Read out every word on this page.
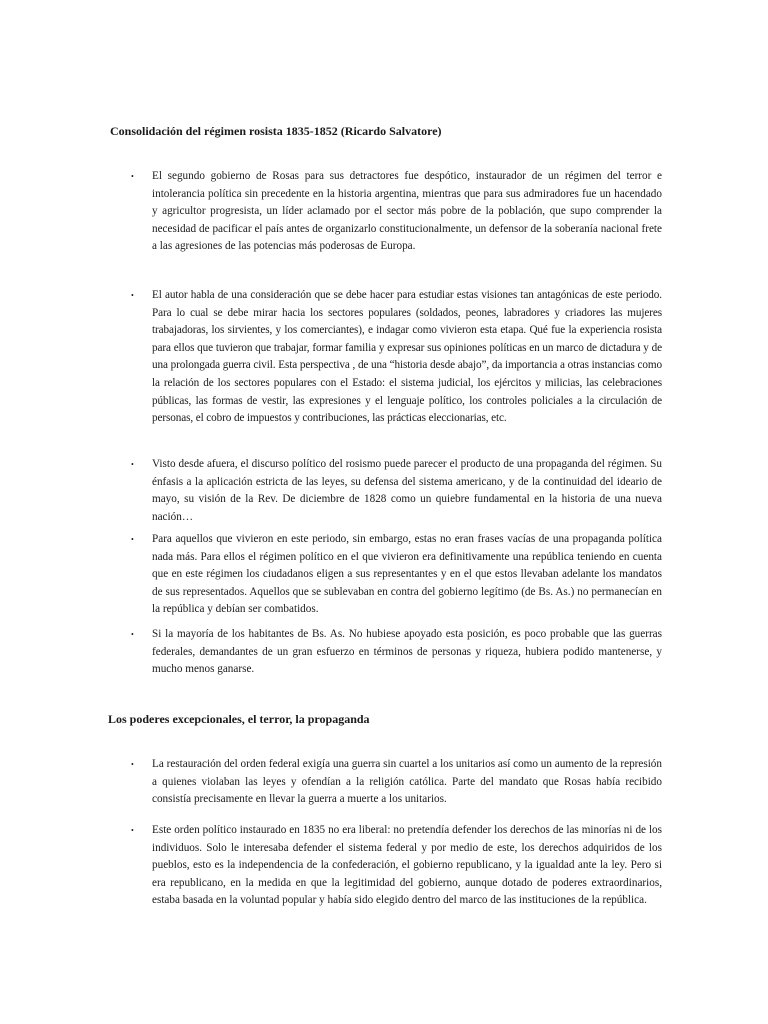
Consolidación del régimen rosista 1835-1852 (Ricardo Salvatore)
• El segundo gobierno de Rosas para sus detractores fue despótico, instaurador de un régimen del terror e intolerancia política sin precedente en la historia argentina, mientras que para sus admiradores fue un hacendado y agricultor progresista, un líder aclamado por el sector más pobre de la población, que supo comprender la necesidad de pacificar el país antes de organizarlo constitucionalmente, un defensor de la soberanía nacional frete a las agresiones de las potencias más poderosas de Europa.

• El autor habla de una consideración que se debe hacer para estudiar estas visiones tan antagónicas de este periodo. Para lo cual se debe mirar hacia los sectores populares (soldados, peones, labradores y criadores las mujeres trabajadoras, los sirvientes, y los comerciantes), e indagar como vivieron esta etapa. Qué fue la experiencia rosista para ellos que tuvieron que trabajar, formar familia y expresar sus opiniones políticas en un marco de dictadura y de una prolongada guerra civil. Esta perspectiva , de una “historia desde abajo”, da importancia a otras instancias como la relación de los sectores populares con el Estado: el sistema judicial, los ejércitos y milicias, las celebraciones públicas, las formas de vestir, las expresiones y el lenguaje político, los controles policiales a la circulación de personas, el cobro de impuestos y contribuciones, las prácticas eleccionarias, etc.

• Visto desde afuera, el discurso político del rosismo puede parecer el producto de una propaganda del régimen. Su énfasis a la aplicación estricta de las leyes, su defensa del sistema americano, y de la continuidad del ideario de mayo, su visión de la Rev. De diciembre de 1828 como un quiebre fundamental en la historia de una nueva nación…

• Para aquellos que vivieron en este periodo, sin embargo, estas no eran frases vacías de una propaganda política nada más. Para ellos el régimen político en el que vivieron era definitivamente una república teniendo en cuenta que en este régimen los ciudadanos eligen a sus representantes y en el que estos llevaban adelante los mandatos de sus representados. Aquellos que se sublevaban en contra del gobierno legítimo (de Bs. As.) no permanecían en la república y debían ser combatidos.

• Si la mayoría de los habitantes de Bs. As. No hubiese apoyado esta posición, es poco probable que las guerras federales, demandantes de un gran esfuerzo en términos de personas y riqueza, hubiera podido mantenerse, y mucho menos ganarse.

Los poderes excepcionales, el terror, la propaganda
• La restauración del orden federal exigía una guerra sin cuartel a los unitarios así como un aumento de la represión a quienes violaban las leyes y ofendían a la religión católica. Parte del mandato que Rosas había recibido consistía precisamente en llevar la guerra a muerte a los unitarios.

• Este orden político instaurado en 1835 no era liberal: no pretendía defender los derechos de las minorías ni de los individuos. Solo le interesaba defender el sistema federal y por medio de este, los derechos adquiridos de los pueblos, esto es la independencia de la confederación, el gobierno republicano, y la igualdad ante la ley. Pero si era republicano, en la medida en que la legitimidad del gobierno, aunque dotado de poderes extraordinarios, estaba basada en la voluntad popular y había sido elegido dentro del marco de las instituciones de la república.
